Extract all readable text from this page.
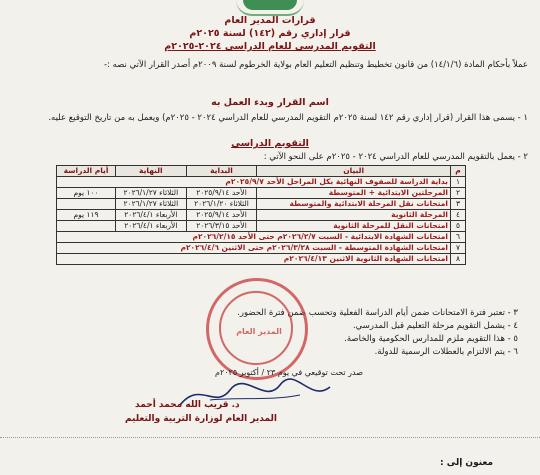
قرارات المدير العام
قرار إداري رقم (١٤٢) لسنة ٢٠٢٥م
التقويم المدرسي للعام الدراسي ٢٠٢٤-٢٠٢٥م
عملاً بأحكام المادة (١٤/١/٦) من قانون تخطيط وتنظيم التعليم العام بولاية الخرطوم لسنة ٢٠٠٩م أصدر القرار الآتي نصه :-
اسم القرار وبدء العمل به
١ - يسمى هذا القرار (قرار إداري رقم ١٤٢ لسنة ٢٠٢٥م التقويم المدرسي للعام الدراسي ٢٠٢٤ - ٢٠٢٥م) ويعمل به من تاريخ التوقيع عليه.
التقويم الدراسي
٢ - يعمل بالتقويم المدرسي للعام الدراسي ٢٠٢٤ - ٢٠٢٥م على النحو الآتي :
م	البيان	البداية	النهاية	أيام الدراسة
١	بداية الدراسة للصفوف النهائية بكل المراحل الأحد ٢٠٢٥/٩/٧م			
٢	المرحلتين الابتدائية + المتوسطة	الأحد ٢٠٢٥/٩/١٤	الثلاثاء ٢٠٢٦/١/٢٧	١٠٠ يوم
٣	امتحانات نقل المرحلة الابتدائية والمتوسطة	الثلاثاء ٢٠٢٦/١/٢٠	الثلاثاء ٢٠٢٦/١/٢٧	
٤	المرحلة الثانوية	الأحد ٢٠٢٥/٩/١٤	الأربعاء ٢٠٢٦/٤/١	١١٩ يوم
٥	امتحانات النقل للمرحلة الثانوية	الأحد ٢٠٢٦/٣/١٥	الأربعاء ٢٠٢٦/٤/١	
٦	امتحانات الشهادة الابتدائية - السبت ٢٠٢٦/٢/٧م حتى الأحد ٢٠٢٦/٢/١٥م			
٧	امتحانات الشهادة المتوسطة - السبت ٢٠٢٦/٣/٢٨م حتى الاثنين ٢٠٢٦/٤/٦م			
٨	امتحانات الشهادة الثانوية الاثنين ٢٠٢٦/٤/١٣م			
٣ - تعتبر فترة الامتحانات ضمن أيام الدراسة الفعلية وتحسب ضمن فترة الحضور.
٤ - يشمل التقويم مرحلة التعليم قبل المدرسي.
٥ - هذا التقويم ملزم للمدارس الحكومية والخاصة.
٦ - يتم الالتزام بالعطلات الرسمية للدولة.
المدير العام
صدر تحت توقيعي في يوم ٢٣ / أكتوبر ٢٠٢٥م
د. قريب الله محمد أحمد
المدير العام لوزارة التربية والتعليم
معنون إلى :
